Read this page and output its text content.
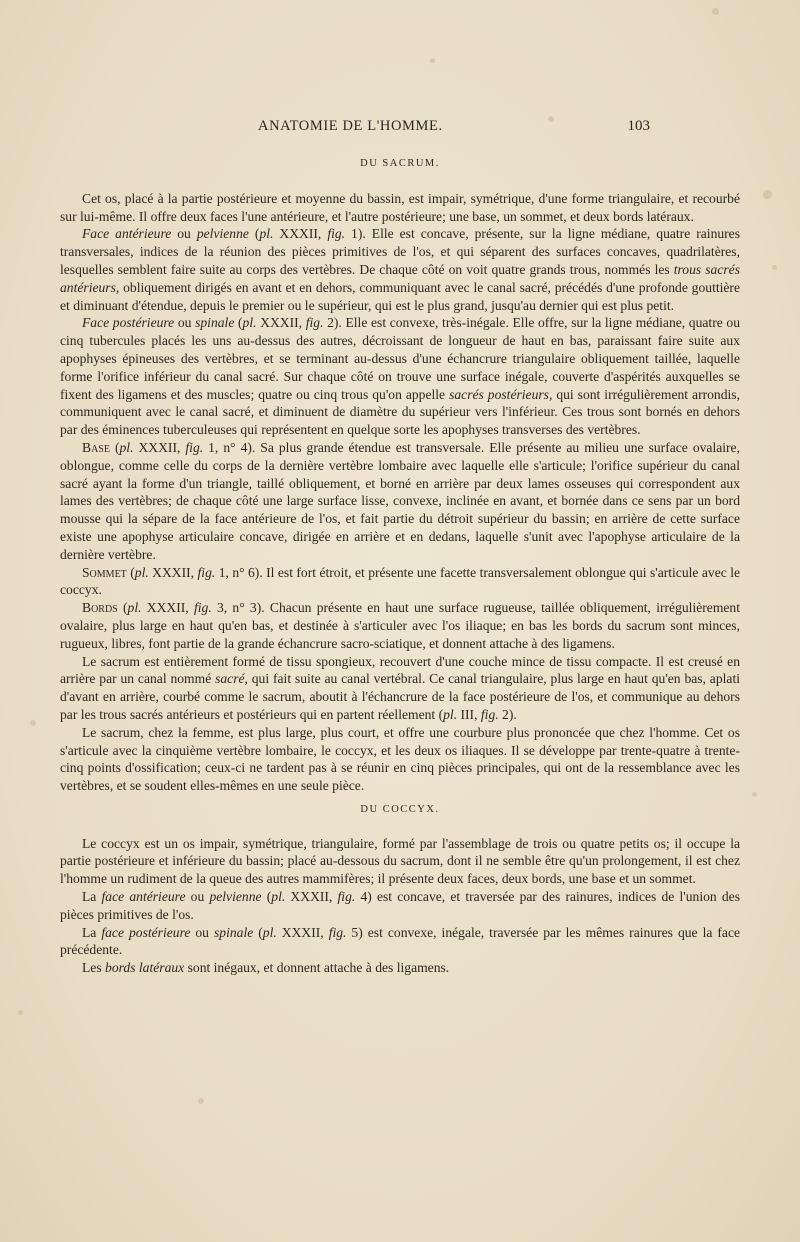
ANATOMIE DE L'HOMME.	103
DU SACRUM.

Cet os, placé à la partie postérieure et moyenne du bassin, est impair, symétrique, d'une forme triangulaire, et recourbé sur lui-même. Il offre deux faces l'une antérieure, et l'autre postérieure; une base, un sommet, et deux bords latéraux.

Face antérieure ou pelvienne (pl. XXXII, fig. 1). Elle est concave, présente, sur la ligne médiane, quatre rainures transversales, indices de la réunion des pièces primitives de l'os, et qui séparent des surfaces concaves, quadrilatères, lesquelles semblent faire suite au corps des vertèbres. De chaque côté on voit quatre grands trous, nommés les trous sacrés antérieurs, obliquement dirigés en avant et en dehors, communiquant avec le canal sacré, précédés d'une profonde gouttière et diminuant d'étendue, depuis le premier ou le supérieur, qui est le plus grand, jusqu'au dernier qui est plus petit.

Face postérieure ou spinale (pl. XXXII, fig. 2). Elle est convexe, très-inégale. Elle offre, sur la ligne médiane, quatre ou cinq tubercules placés les uns au-dessus des autres, décroissant de longueur de haut en bas, paraissant faire suite aux apophyses épineuses des vertèbres, et se terminant au-dessus d'une échancrure triangulaire obliquement taillée, laquelle forme l'orifice inférieur du canal sacré. Sur chaque côté on trouve une surface inégale, couverte d'aspérités auxquelles se fixent des ligamens et des muscles; quatre ou cinq trous qu'on appelle sacrés postérieurs, qui sont irrégulièrement arrondis, communiquent avec le canal sacré, et diminuent de diamètre du supérieur vers l'inférieur. Ces trous sont bornés en dehors par des éminences tuberculeuses qui représentent en quelque sorte les apophyses transverses des vertèbres.

Base (pl. XXXII, fig. 1, n° 4). Sa plus grande étendue est transversale. Elle présente au milieu une surface ovalaire, oblongue, comme celle du corps de la dernière vertèbre lombaire avec laquelle elle s'articule; l'orifice supérieur du canal sacré ayant la forme d'un triangle, taillé obliquement, et borné en arrière par deux lames osseuses qui correspondent aux lames des vertèbres; de chaque côté une large surface lisse, convexe, inclinée en avant, et bornée dans ce sens par un bord mousse qui la sépare de la face antérieure de l'os, et fait partie du détroit supérieur du bassin; en arrière de cette surface existe une apophyse articulaire concave, dirigée en arrière et en dedans, laquelle s'unit avec l'apophyse articulaire de la dernière vertèbre.

Sommet (pl. XXXII, fig. 1, n° 6). Il est fort étroit, et présente une facette transversalement oblongue qui s'articule avec le coccyx.

Bords (pl. XXXII, fig. 3, n° 3). Chacun présente en haut une surface rugueuse, taillée obliquement, irrégulièrement ovalaire, plus large en haut qu'en bas, et destinée à s'articuler avec l'os iliaque; en bas les bords du sacrum sont minces, rugueux, libres, font partie de la grande échancrure sacro-sciatique, et donnent attache à des ligamens.

Le sacrum est entièrement formé de tissu spongieux, recouvert d'une couche mince de tissu compacte. Il est creusé en arrière par un canal nommé sacré, qui fait suite au canal vertébral. Ce canal triangulaire, plus large en haut qu'en bas, aplati d'avant en arrière, courbé comme le sacrum, aboutit à l'échancrure de la face postérieure de l'os, et communique au dehors par les trous sacrés antérieurs et postérieurs qui en partent réellement (pl. III, fig. 2).

Le sacrum, chez la femme, est plus large, plus court, et offre une courbure plus prononcée que chez l'homme. Cet os s'articule avec la cinquième vertèbre lombaire, le coccyx, et les deux os iliaques. Il se développe par trente-quatre à trente-cinq points d'ossification; ceux-ci ne tardent pas à se réunir en cinq pièces principales, qui ont de la ressemblance avec les vertèbres, et se soudent elles-mêmes en une seule pièce.

DU COCCYX.

Le coccyx est un os impair, symétrique, triangulaire, formé par l'assemblage de trois ou quatre petits os; il occupe la partie postérieure et inférieure du bassin; placé au-dessous du sacrum, dont il ne semble être qu'un prolongement, il est chez l'homme un rudiment de la queue des autres mammifères; il présente deux faces, deux bords, une base et un sommet.

La face antérieure ou pelvienne (pl. XXXII, fig. 4) est concave, et traversée par des rainures, indices de l'union des pièces primitives de l'os.

La face postérieure ou spinale (pl. XXXII, fig. 5) est convexe, inégale, traversée par les mêmes rainures que la face précédente.

Les bords latéraux sont inégaux, et donnent attache à des ligamens.
